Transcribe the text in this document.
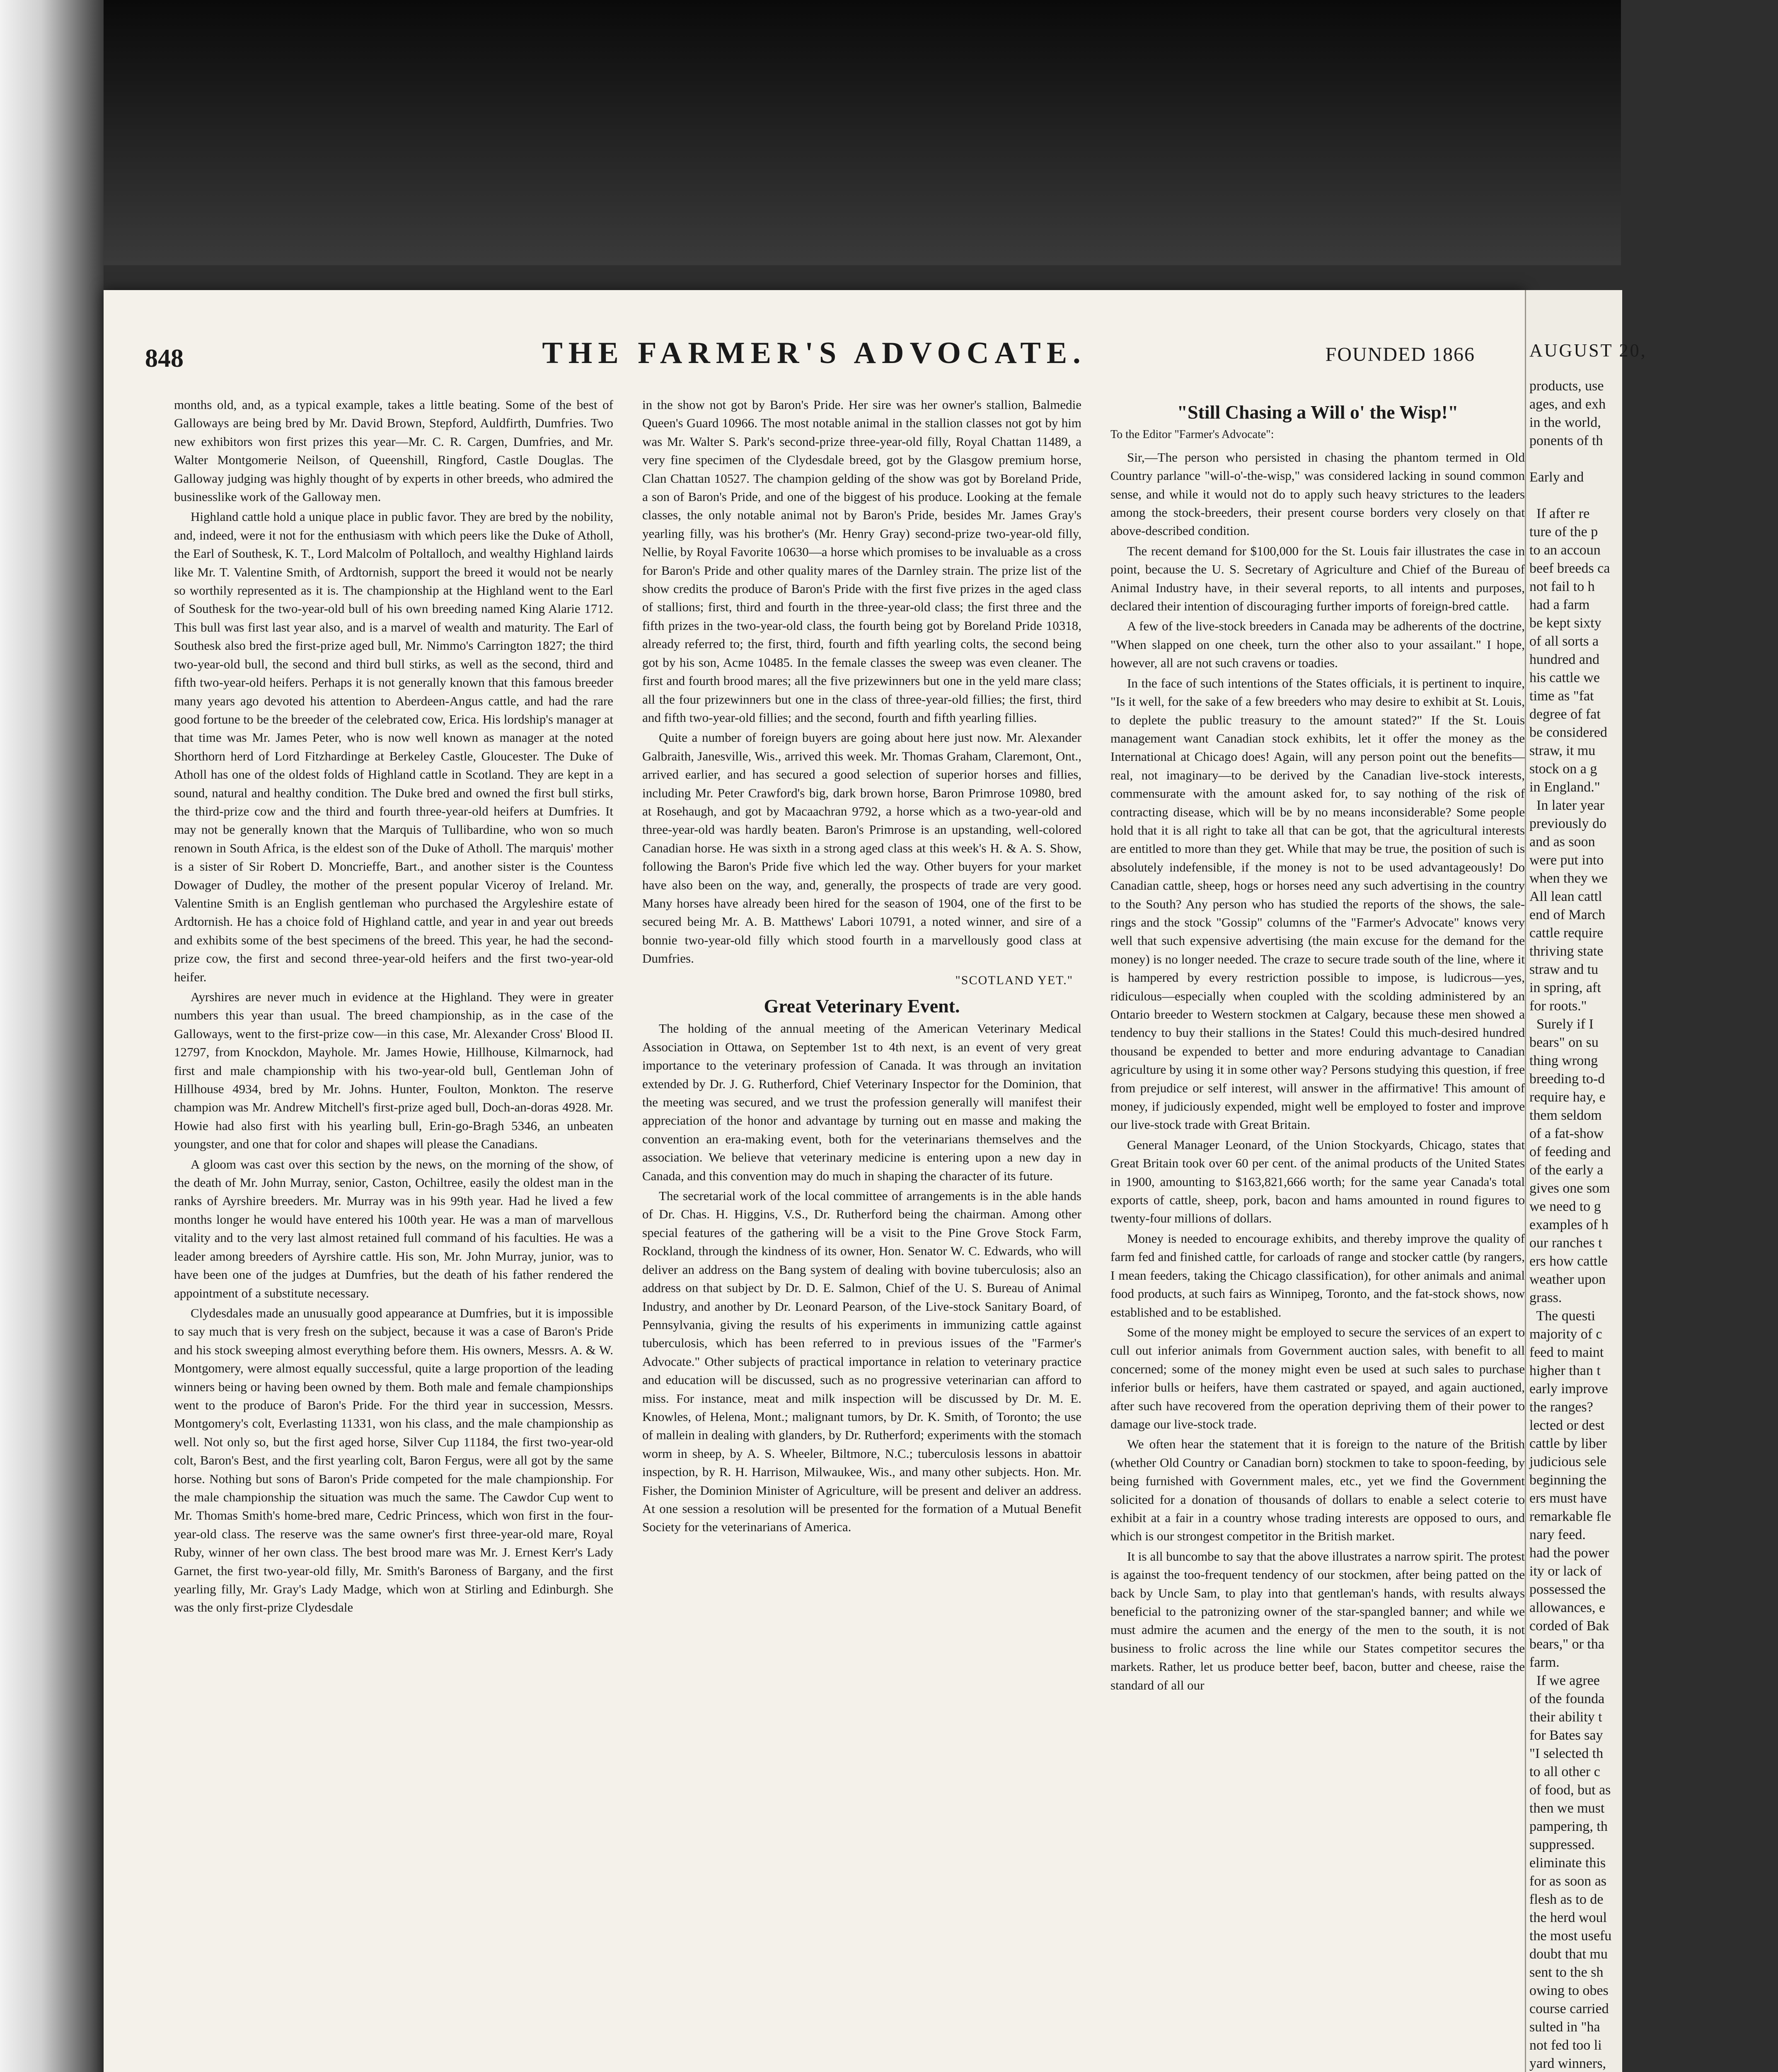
848	THE FARMER'S ADVOCATE.	FOUNDED 1866

months old, and, as a typical example, takes a little beating. Some of the best of Galloways are being bred by Mr. David Brown, Stepford, Auldfirth, Dumfries. Two new exhibitors won first prizes this year—Mr. C. R. Cargen, Dumfries, and Mr. Walter Montgomerie Neilson, of Queenshill, Ringford, Castle Douglas. The Galloway judging was highly thought of by experts in other breeds, who admired the businesslike work of the Galloway men.

Highland cattle hold a unique place in public favor. They are bred by the nobility, and, indeed, were it not for the enthusiasm with which peers like the Duke of Atholl, the Earl of Southesk, K. T., Lord Malcolm of Poltalloch, and wealthy Highland lairds like Mr. T. Valentine Smith, of Ardtornish, support the breed it would not be nearly so worthily represented as it is. The championship at the Highland went to the Earl of Southesk for the two-year-old bull of his own breeding named King Alarie 1712. This bull was first last year also, and is a marvel of wealth and maturity. The Earl of Southesk also bred the first-prize aged bull, Mr. Nimmo's Carrington 1827; the third two-year-old bull, the second and third bull stirks, as well as the second, third and fifth two-year-old heifers. Perhaps it is not generally known that this famous breeder many years ago devoted his attention to Aberdeen-Angus cattle, and had the rare good fortune to be the breeder of the celebrated cow, Erica. His lordship's manager at that time was Mr. James Peter, who is now well known as manager at the noted Shorthorn herd of Lord Fitzhardinge at Berkeley Castle, Gloucester. The Duke of Atholl has one of the oldest folds of Highland cattle in Scotland. They are kept in a sound, natural and healthy condition. The Duke bred and owned the first bull stirks, the third-prize cow and the third and fourth three-year-old heifers at Dumfries. It may not be generally known that the Marquis of Tullibardine, who won so much renown in South Africa, is the eldest son of the Duke of Atholl. The marquis' mother is a sister of Sir Robert D. Moncrieffe, Bart., and another sister is the Countess Dowager of Dudley, the mother of the present popular Viceroy of Ireland. Mr. Valentine Smith is an English gentleman who purchased the Argyleshire estate of Ardtornish. He has a choice fold of Highland cattle, and year in and year out breeds and exhibits some of the best specimens of the breed. This year, he had the second-prize cow, the first and second three-year-old heifers and the first two-year-old heifer.

Ayrshires are never much in evidence at the Highland. They were in greater numbers this year than usual. The breed championship, as in the case of the Galloways, went to the first-prize cow—in this case, Mr. Alexander Cross' Blood II. 12797, from Knockdon, Mayhole. Mr. James Howie, Hillhouse, Kilmarnock, had first and male championship with his two-year-old bull, Gentleman John of Hillhouse 4934, bred by Mr. Johns. Hunter, Foulton, Monkton. The reserve champion was Mr. Andrew Mitchell's first-prize aged bull, Doch-an-doras 4928. Mr. Howie had also first with his yearling bull, Erin-go-Bragh 5346, an unbeaten youngster, and one that for color and shapes will please the Canadians.

A gloom was cast over this section by the news, on the morning of the show, of the death of Mr. John Murray, senior, Caston, Ochiltree, easily the oldest man in the ranks of Ayrshire breeders. Mr. Murray was in his 99th year. Had he lived a few months longer he would have entered his 100th year. He was a man of marvellous vitality and to the very last almost retained full command of his faculties. He was a leader among breeders of Ayrshire cattle. His son, Mr. John Murray, junior, was to have been one of the judges at Dumfries, but the death of his father rendered the appointment of a substitute necessary.

Clydesdales made an unusually good appearance at Dumfries, but it is impossible to say much that is very fresh on the subject, because it was a case of Baron's Pride and his stock sweeping almost everything before them. His owners, Messrs. A. & W. Montgomery, were almost equally successful, quite a large proportion of the leading winners being or having been owned by them. Both male and female championships went to the produce of Baron's Pride. For the third year in succession, Messrs. Montgomery's colt, Everlasting 11331, won his class, and the male championship as well. Not only so, but the first aged horse, Silver Cup 11184, the first two-year-old colt, Baron's Best, and the first yearling colt, Baron Fergus, were all got by the same horse. Nothing but sons of Baron's Pride competed for the male championship. For the male championship the situation was much the same. The Cawdor Cup went to Mr. Thomas Smith's home-bred mare, Cedric Princess, which won first in the four-year-old class. The reserve was the same owner's first three-year-old mare, Royal Ruby, winner of her own class. The best brood mare was Mr. J. Ernest Kerr's Lady Garnet, the first two-year-old filly, Mr. Smith's Baroness of Bargany, and the first yearling filly, Mr. Gray's Lady Madge, which won at Stirling and Edinburgh. She was the only first-prize Clydesdale

in the show not got by Baron's Pride. Her sire was her owner's stallion, Balmedie Queen's Guard 10966. The most notable animal in the stallion classes not got by him was Mr. Walter S. Park's second-prize three-year-old filly, Royal Chattan 11489, a very fine specimen of the Clydesdale breed, got by the Glasgow premium horse, Clan Chattan 10527. The champion gelding of the show was got by Boreland Pride, a son of Baron's Pride, and one of the biggest of his produce. Looking at the female classes, the only notable animal not by Baron's Pride, besides Mr. James Gray's yearling filly, was his brother's (Mr. Henry Gray) second-prize two-year-old filly, Nellie, by Royal Favorite 10630—a horse which promises to be invaluable as a cross for Baron's Pride and other quality mares of the Darnley strain. The prize list of the show credits the produce of Baron's Pride with the first five prizes in the aged class of stallions; first, third and fourth in the three-year-old class; the first three and the fifth prizes in the two-year-old class, the fourth being got by Boreland Pride 10318, already referred to; the first, third, fourth and fifth yearling colts, the second being got by his son, Acme 10485. In the female classes the sweep was even cleaner. The first and fourth brood mares; all the five prizewinners but one in the yeld mare class; all the four prizewinners but one in the class of three-year-old fillies; the first, third and fifth two-year-old fillies; and the second, fourth and fifth yearling fillies.

Quite a number of foreign buyers are going about here just now. Mr. Alexander Galbraith, Janesville, Wis., arrived this week. Mr. Thomas Graham, Claremont, Ont., arrived earlier, and has secured a good selection of superior horses and fillies, including Mr. Peter Crawford's big, dark brown horse, Baron Primrose 10980, bred at Rosehaugh, and got by Macaachran 9792, a horse which as a two-year-old and three-year-old was hardly beaten. Baron's Primrose is an upstanding, well-colored Canadian horse. He was sixth in a strong aged class at this week's H. & A. S. Show, following the Baron's Pride five which led the way. Other buyers for your market have also been on the way, and, generally, the prospects of trade are very good. Many horses have already been hired for the season of 1904, one of the first to be secured being Mr. A. B. Matthews' Labori 10791, a noted winner, and sire of a bonnie two-year-old filly which stood fourth in a marvellously good class at Dumfries.

"SCOTLAND YET."
Great Veterinary Event.

The holding of the annual meeting of the American Veterinary Medical Association in Ottawa, on September 1st to 4th next, is an event of very great importance to the veterinary profession of Canada. It was through an invitation extended by Dr. J. G. Rutherford, Chief Veterinary Inspector for the Dominion, that the meeting was secured, and we trust the profession generally will manifest their appreciation of the honor and advantage by turning out en masse and making the convention an era-making event, both for the veterinarians themselves and the association. We believe that veterinary medicine is entering upon a new day in Canada, and this convention may do much in shaping the character of its future.

The secretarial work of the local committee of arrangements is in the able hands of Dr. Chas. H. Higgins, V.S., Dr. Rutherford being the chairman. Among other special features of the gathering will be a visit to the Pine Grove Stock Farm, Rockland, through the kindness of its owner, Hon. Senator W. C. Edwards, who will deliver an address on the Bang system of dealing with bovine tuberculosis; also an address on that subject by Dr. D. E. Salmon, Chief of the U. S. Bureau of Animal Industry, and another by Dr. Leonard Pearson, of the Live-stock Sanitary Board, of Pennsylvania, giving the results of his experiments in immunizing cattle against tuberculosis, which has been referred to in previous issues of the "Farmer's Advocate." Other subjects of practical importance in relation to veterinary practice and education will be discussed, such as no progressive veterinarian can afford to miss. For instance, meat and milk inspection will be discussed by Dr. M. E. Knowles, of Helena, Mont.; malignant tumors, by Dr. K. Smith, of Toronto; the use of mallein in dealing with glanders, by Dr. Rutherford; experiments with the stomach worm in sheep, by A. S. Wheeler, Biltmore, N.C.; tuberculosis lessons in abattoir inspection, by R. H. Harrison, Milwaukee, Wis., and many other subjects. Hon. Mr. Fisher, the Dominion Minister of Agriculture, will be present and deliver an address. At one session a resolution will be presented for the formation of a Mutual Benefit Society for the veterinarians of America.

"Still Chasing a Will o' the Wisp!"
To the Editor "Farmer's Advocate":

Sir,—The person who persisted in chasing the phantom termed in Old Country parlance "will-o'-the-wisp," was considered lacking in sound common sense, and while it would not do to apply such heavy strictures to the leaders among the stock-breeders, their present course borders very closely on that above-described condition.

The recent demand for $100,000 for the St. Louis fair illustrates the case in point, because the U. S. Secretary of Agriculture and Chief of the Bureau of Animal Industry have, in their several reports, to all intents and purposes, declared their intention of discouraging further imports of foreign-bred cattle.

A few of the live-stock breeders in Canada may be adherents of the doctrine, "When slapped on one cheek, turn the other also to your assailant." I hope, however, all are not such cravens or toadies.

In the face of such intentions of the States officials, it is pertinent to inquire, "Is it well, for the sake of a few breeders who may desire to exhibit at St. Louis, to deplete the public treasury to the amount stated?" If the St. Louis management want Canadian stock exhibits, let it offer the money as the International at Chicago does! Again, will any person point out the benefits—real, not imaginary—to be derived by the Canadian live-stock interests, commensurate with the amount asked for, to say nothing of the risk of contracting disease, which will be by no means inconsiderable? Some people hold that it is all right to take all that can be got, that the agricultural interests are entitled to more than they get. While that may be true, the position of such is absolutely indefensible, if the money is not to be used advantageously! Do Canadian cattle, sheep, hogs or horses need any such advertising in the country to the South? Any person who has studied the reports of the shows, the sale-rings and the stock "Gossip" columns of the "Farmer's Advocate" knows very well that such expensive advertising (the main excuse for the demand for the money) is no longer needed. The craze to secure trade south of the line, where it is hampered by every restriction possible to impose, is ludicrous—yes, ridiculous—especially when coupled with the scolding administered by an Ontario breeder to Western stockmen at Calgary, because these men showed a tendency to buy their stallions in the States! Could this much-desired hundred thousand be expended to better and more enduring advantage to Canadian agriculture by using it in some other way? Persons studying this question, if free from prejudice or self interest, will answer in the affirmative! This amount of money, if judiciously expended, might well be employed to foster and improve our live-stock trade with Great Britain.

General Manager Leonard, of the Union Stockyards, Chicago, states that Great Britain took over 60 per cent. of the animal products of the United States in 1900, amounting to $163,821,666 worth; for the same year Canada's total exports of cattle, sheep, pork, bacon and hams amounted in round figures to twenty-four millions of dollars.

Money is needed to encourage exhibits, and thereby improve the quality of farm fed and finished cattle, for carloads of range and stocker cattle (by rangers, I mean feeders, taking the Chicago classification), for other animals and animal food products, at such fairs as Winnipeg, Toronto, and the fat-stock shows, now established and to be established.

Some of the money might be employed to secure the services of an expert to cull out inferior animals from Government auction sales, with benefit to all concerned; some of the money might even be used at such sales to purchase inferior bulls or heifers, have them castrated or spayed, and again auctioned, after such have recovered from the operation depriving them of their power to damage our live-stock trade.

We often hear the statement that it is foreign to the nature of the British (whether Old Country or Canadian born) stockmen to take to spoon-feeding, by being furnished with Government males, etc., yet we find the Government solicited for a donation of thousands of dollars to enable a select coterie to exhibit at a fair in a country whose trading interests are opposed to ours, and which is our strongest competitor in the British market.

It is all buncombe to say that the above illustrates a narrow spirit. The protest is against the too-frequent tendency of our stockmen, after being patted on the back by Uncle Sam, to play into that gentleman's hands, with results always beneficial to the patronizing owner of the star-spangled banner; and while we must admire the acumen and the energy of the men to the south, it is not business to frolic across the line while our States competitor secures the markets. Rather, let us produce better beef, bacon, butter and cheese, raise the standard of all our

AUGUST 20,
products, use
ages, and exh
in the world,
ponents of th

Early and

If after re
ture of the p
to an accoun
beef breeds ca
not fail to h
had a farm
be kept sixty
of all sorts a
hundred and
his cattle we
time as "fat
degree of fat
be considered
straw, it mu
stock on a g
in England."
In later year
previously do
and as soon
were put into
when they we
All lean cattl
end of March
cattle require
thriving state
straw and tu
in spring, aft
for roots."
Surely if I
bears" on su
thing wrong
breeding to-d
require hay, e
them seldom
of a fat-show
of feeding and
of the early a
gives one som
we need to g
examples of h
our ranches t
ers how cattle
weather upon
grass.
The questi
majority of c
feed to maint
higher than t
early improve
the ranges?
lected or dest
cattle by liber
judicious sele
beginning the
ers must have
remarkable fle
nary feed.
had the power
ity or lack of
possessed the
allowances, e
corded of Bak
bears," or tha
farm.
If we agree
of the founda
their ability t
for Bates say
"I selected th
to all other c
of food, but as
then we must
pampering, th
suppressed.
eliminate this
for as soon as
flesh as to de
the herd woul
the most usefu
doubt that mu
sent to the sh
owing to obes
course carried
sulted in "ha
not fed too li
yard winners,
